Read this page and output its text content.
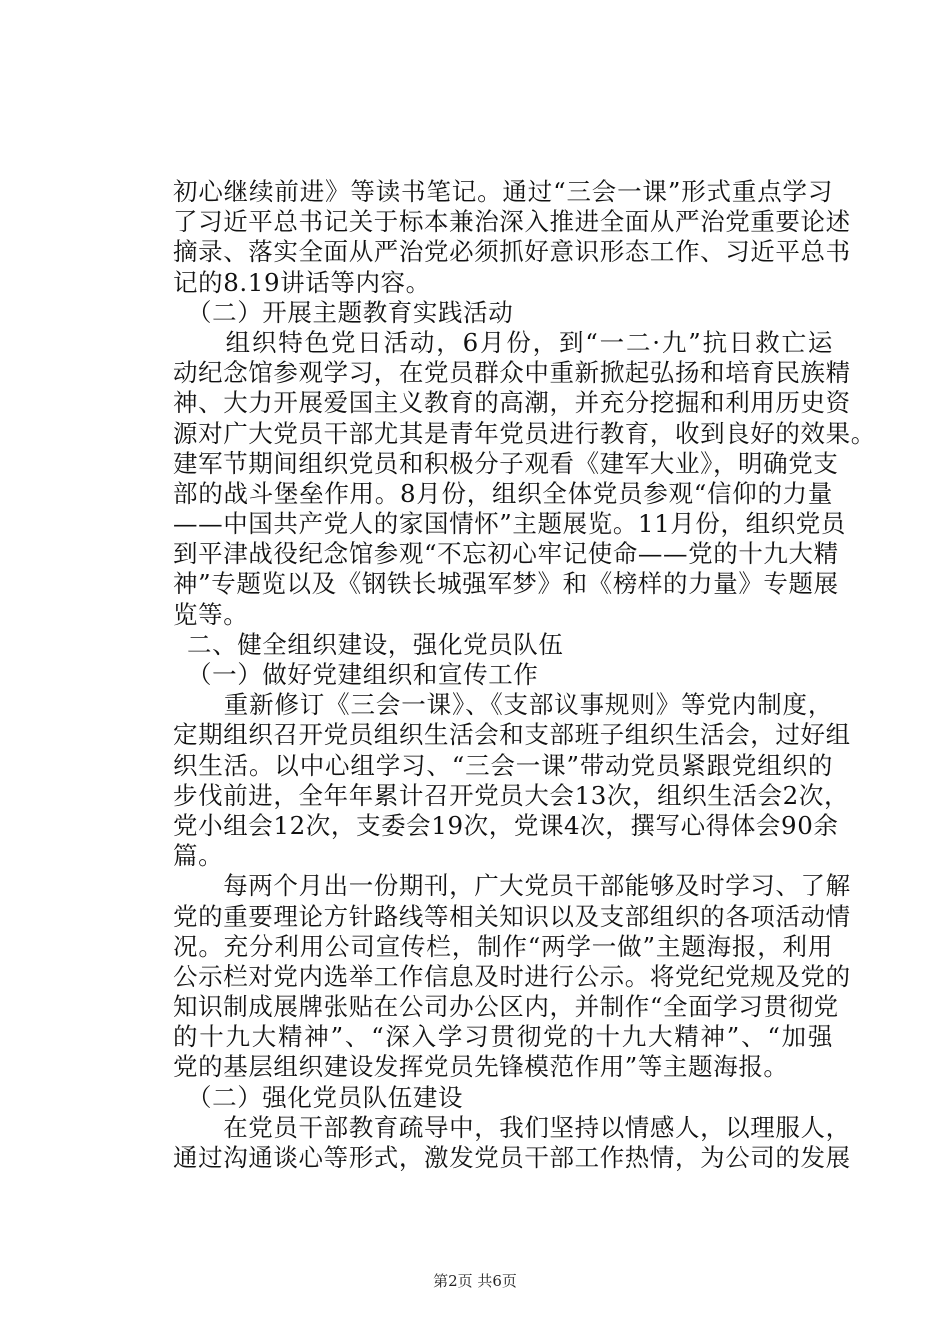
初心继续前进》等读书笔记。通过“三会一课”形式重点学习
了习近平总书记关于标本兼治深入推进全面从严治党重要论述
摘录、落实全面从严治党必须抓好意识形态工作、习近平总书
记的8.19讲话等内容。
（二）开展主题教育实践活动
　　组织特色党日活动，6月份，到“一二·九”抗日救亡运
动纪念馆参观学习，在党员群众中重新掀起弘扬和培育民族精
神、大力开展爱国主义教育的高潮，并充分挖掘和利用历史资
源对广大党员干部尤其是青年党员进行教育，收到良好的效果。
建军节期间组织党员和积极分子观看《建军大业》，明确党支
部的战斗堡垒作用。8月份，组织全体党员参观“信仰的力量
——中国共产党人的家国情怀”主题展览。11月份，组织党员
到平津战役纪念馆参观“不忘初心牢记使命——党的十九大精
神”专题览以及《钢铁长城强军梦》和《榜样的力量》专题展
览等。
二、健全组织建设，强化党员队伍
（一）做好党建组织和宣传工作
　　重新修订《三会一课》、《支部议事规则》等党内制度，
定期组织召开党员组织生活会和支部班子组织生活会，过好组
织生活。以中心组学习、“三会一课”带动党员紧跟党组织的
步伐前进，全年年累计召开党员大会13次，组织生活会2次，
党小组会12次，支委会19次，党课4次，撰写心得体会90余
篇。
　　每两个月出一份期刊，广大党员干部能够及时学习、了解
党的重要理论方针路线等相关知识以及支部组织的各项活动情
况。充分利用公司宣传栏，制作“两学一做”主题海报，利用
公示栏对党内选举工作信息及时进行公示。将党纪党规及党的
知识制成展牌张贴在公司办公区内，并制作“全面学习贯彻党
的十九大精神”、“深入学习贯彻党的十九大精神”、“加强
党的基层组织建设发挥党员先锋模范作用”等主题海报。
（二）强化党员队伍建设
　　在党员干部教育疏导中，我们坚持以情感人，以理服人，
通过沟通谈心等形式，激发党员干部工作热情，为公司的发展
第2页 共6页
